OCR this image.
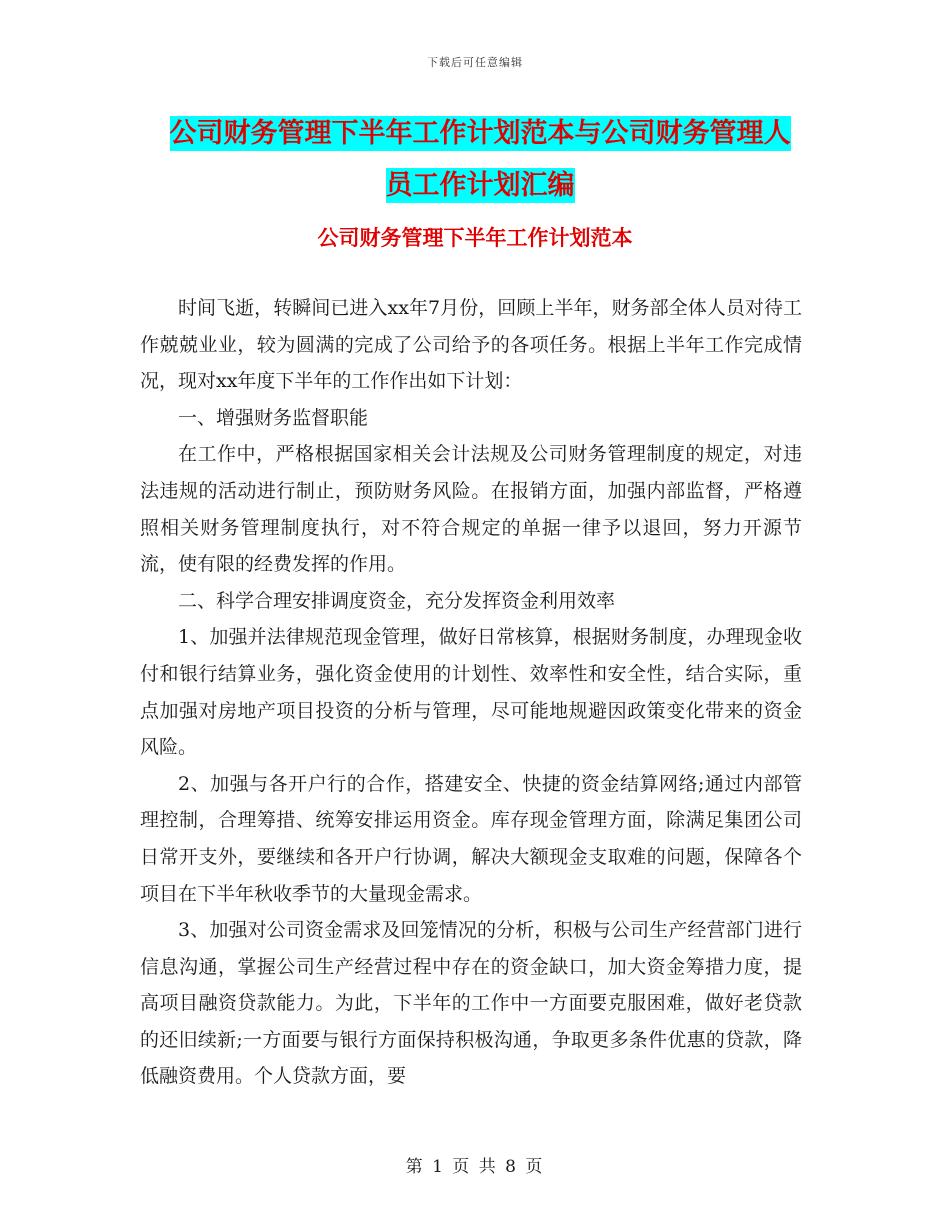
下载后可任意编辑
公司财务管理下半年工作计划范本与公司财务管理人
员工作计划汇编
公司财务管理下半年工作计划范本

时间飞逝，转瞬间已进入xx年7月份，回顾上半年，财务部全体人员对待工作兢兢业业，较为圆满的完成了公司给予的各项任务。根据上半年工作完成情况，现对xx年度下半年的工作作出如下计划：

一、增强财务监督职能

在工作中，严格根据国家相关会计法规及公司财务管理制度的规定，对违法违规的活动进行制止，预防财务风险。在报销方面，加强内部监督，严格遵照相关财务管理制度执行，对不符合规定的单据一律予以退回，努力开源节流，使有限的经费发挥的作用。

二、科学合理安排调度资金，充分发挥资金利用效率

1、加强并法律规范现金管理，做好日常核算，根据财务制度，办理现金收付和银行结算业务，强化资金使用的计划性、效率性和安全性，结合实际，重点加强对房地产项目投资的分析与管理，尽可能地规避因政策变化带来的资金风险。

2、加强与各开户行的合作，搭建安全、快捷的资金结算网络;通过内部管理控制，合理筹措、统筹安排运用资金。库存现金管理方面，除满足集团公司日常开支外，要继续和各开户行协调，解决大额现金支取难的问题，保障各个项目在下半年秋收季节的大量现金需求。

3、加强对公司资金需求及回笼情况的分析，积极与公司生产经营部门进行信息沟通，掌握公司生产经营过程中存在的资金缺口，加大资金筹措力度，提高项目融资贷款能力。为此，下半年的工作中一方面要克服困难，做好老贷款的还旧续新;一方面要与银行方面保持积极沟通，争取更多条件优惠的贷款，降低融资费用。个人贷款方面，要

第 1 页 共 8 页
